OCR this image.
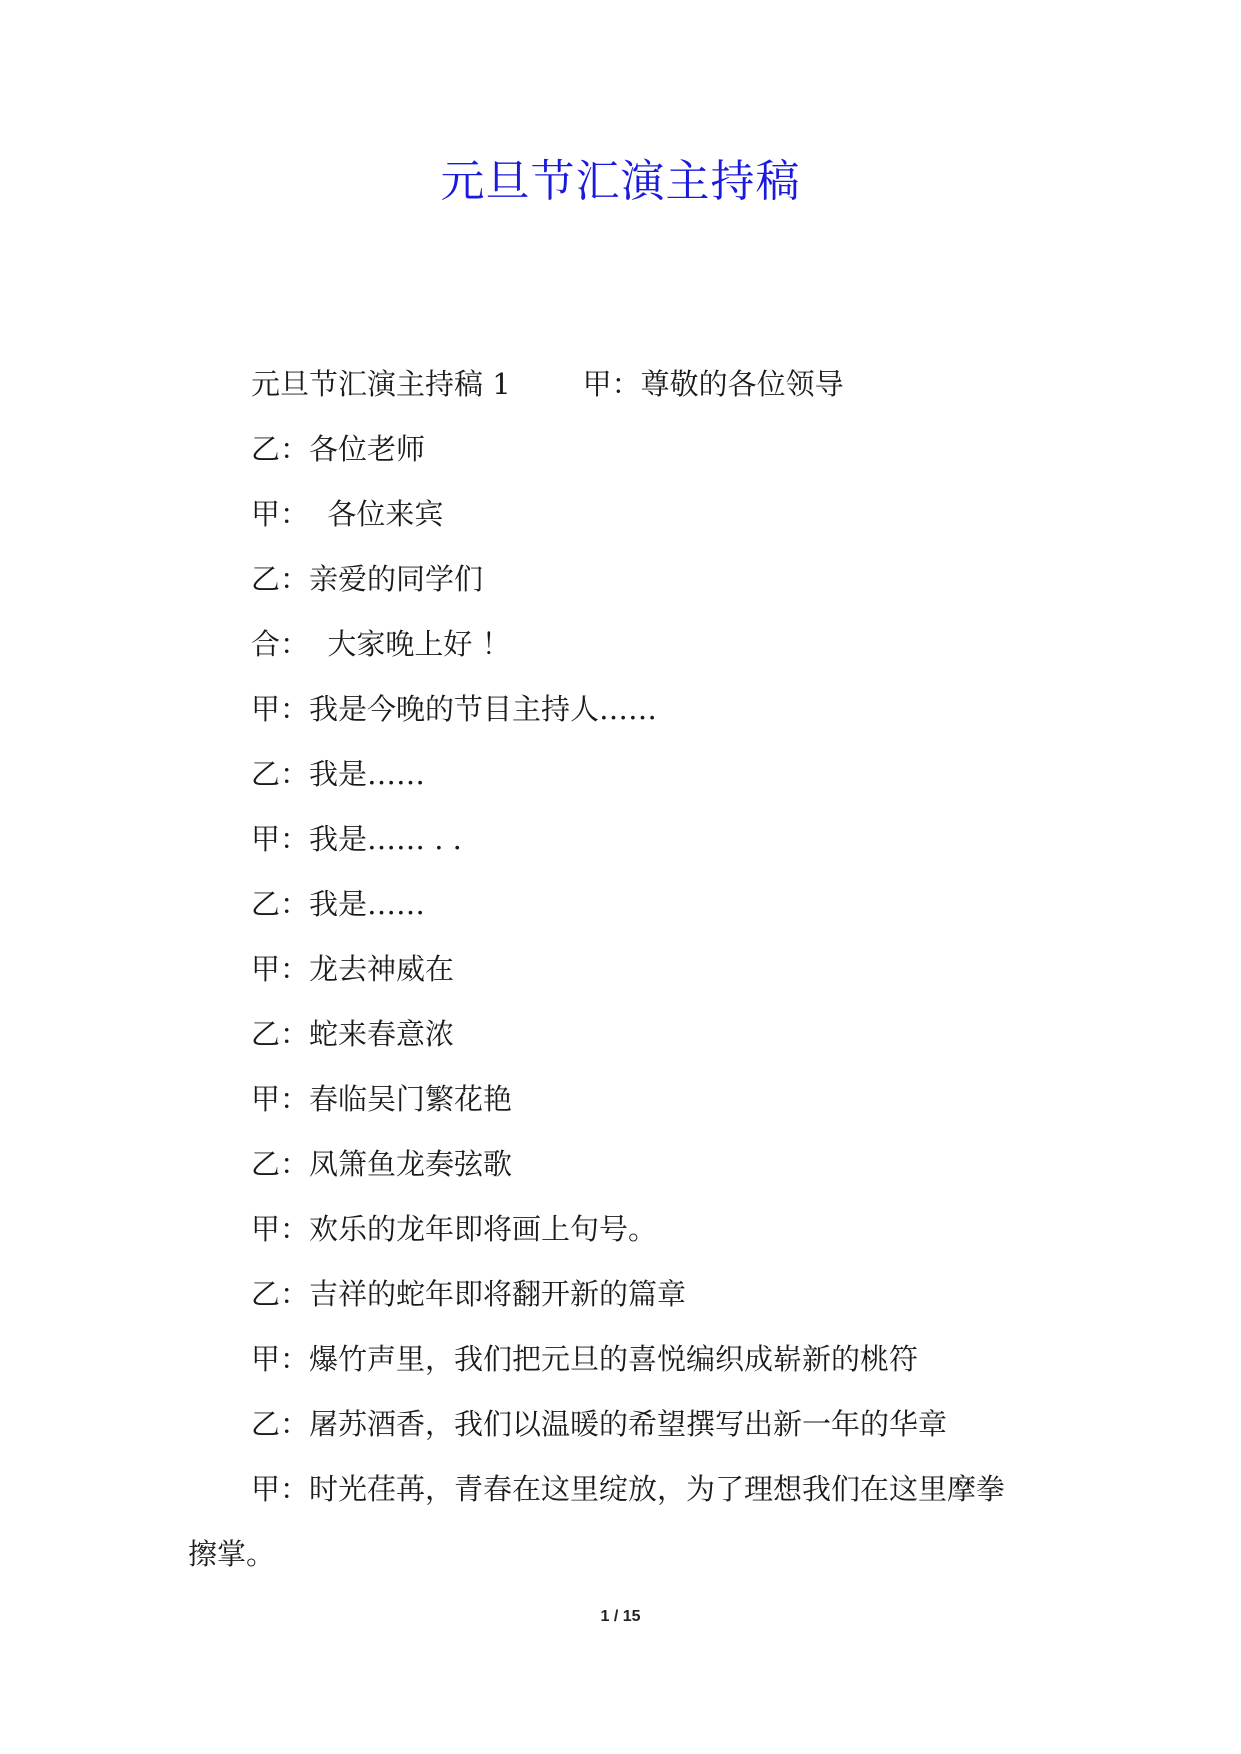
元旦节汇演主持稿
元旦节汇演主持稿 1 甲：尊敬的各位领导
乙：各位老师
甲：  各位来宾
乙：亲爱的同学们
合：  大家晚上好 ！
甲：我是今晚的节目主持人……
乙：我是……
甲：我是…… . .
乙：我是……
甲：龙去神威在
乙：蛇来春意浓
甲：春临吴门繁花艳
乙：凤箫鱼龙奏弦歌
甲：欢乐的龙年即将画上句号。
乙：吉祥的蛇年即将翻开新的篇章
甲：爆竹声里，我们把元旦的喜悦编织成崭新的桃符
乙：屠苏酒香，我们以温暖的希望撰写出新一年的华章
甲：时光荏苒，青春在这里绽放，为了理想我们在这里摩拳
擦掌。
1 / 15
